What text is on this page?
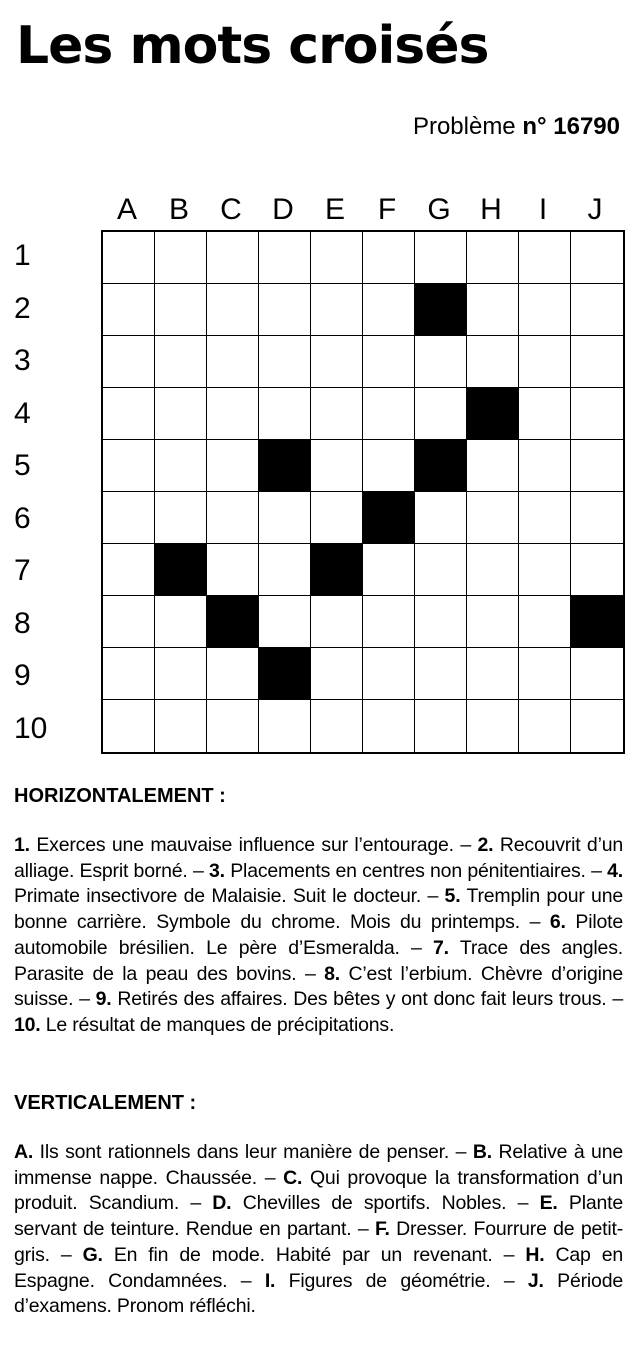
Les mots croisés
Problème n° 16790
A	B	C	D	E	F	G H	I	J
1
2
3
4
5
6
7
8
9
10
HORIZONTALEMENT :
1. Exerces une mauvaise influence sur l’entourage. – 2. Recouvrit d’un alliage. Esprit borné. – 3. Placements en centres non pénitentiaires. – 4. Primate insectivore de Malaisie. Suit le docteur. – 5. Tremplin pour une bonne carrière. Symbole du chrome. Mois du printemps. – 6. Pilote automobile brésilien. Le père d’Esmeralda. – 7. Trace des angles. Parasite de la peau des bovins. – 8. C’est l’erbium. Chèvre d’origine suisse. – 9. Retirés des affaires. Des bêtes y ont donc fait leurs trous. – 10. Le résultat de manques de précipitations.
VERTICALEMENT :
A. Ils sont rationnels dans leur manière de penser. – B. Relative à une immense nappe. Chaussée. – C. Qui provoque la transformation d’un produit. Scandium. – D. Chevilles de sportifs. Nobles. – E. Plante servant de teinture. Rendue en partant. – F. Dresser. Fourrure de petit-gris. – G. En fin de mode. Habité par un revenant. – H. Cap en Espagne. Condamnées. – I. Figures de géométrie. – J. Période d’examens. Pronom réfléchi.
